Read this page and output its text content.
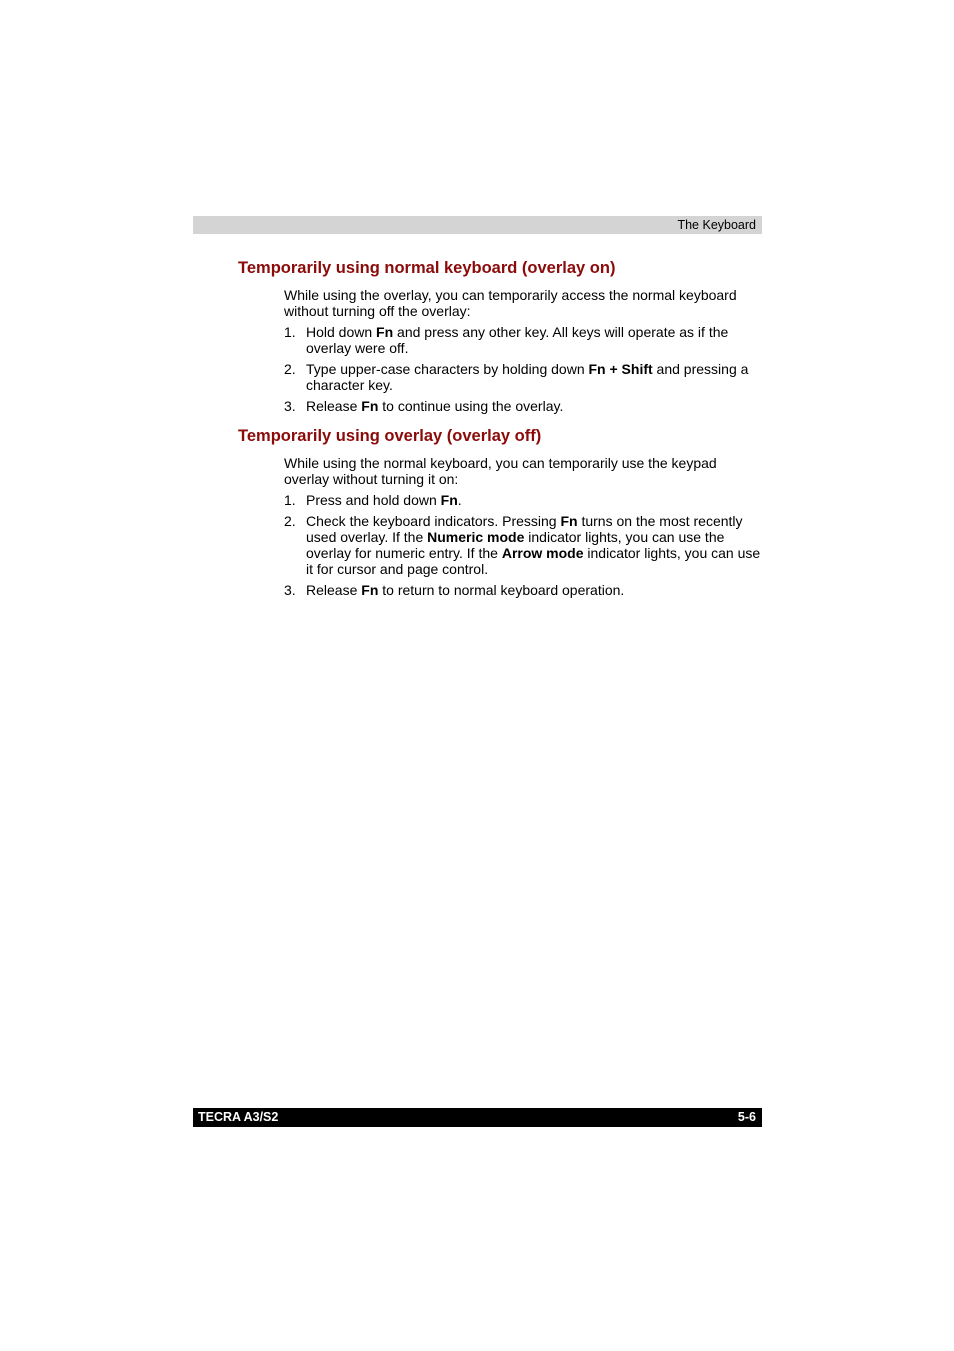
The Keyboard
Temporarily using normal keyboard (overlay on)

While using the overlay, you can temporarily access the normal keyboard without turning off the overlay:

1. Hold down Fn and press any other key. All keys will operate as if the overlay were off.
2. Type upper-case characters by holding down Fn + Shift and pressing a character key.
3. Release Fn to continue using the overlay.
Temporarily using overlay (overlay off)

While using the normal keyboard, you can temporarily use the keypad overlay without turning it on:

1. Press and hold down Fn.
2. Check the keyboard indicators. Pressing Fn turns on the most recently used overlay. If the Numeric mode indicator lights, you can use the overlay for numeric entry. If the Arrow mode indicator lights, you can use it for cursor and page control.
3. Release Fn to return to normal keyboard operation.
TECRA A3/S2	5-6
